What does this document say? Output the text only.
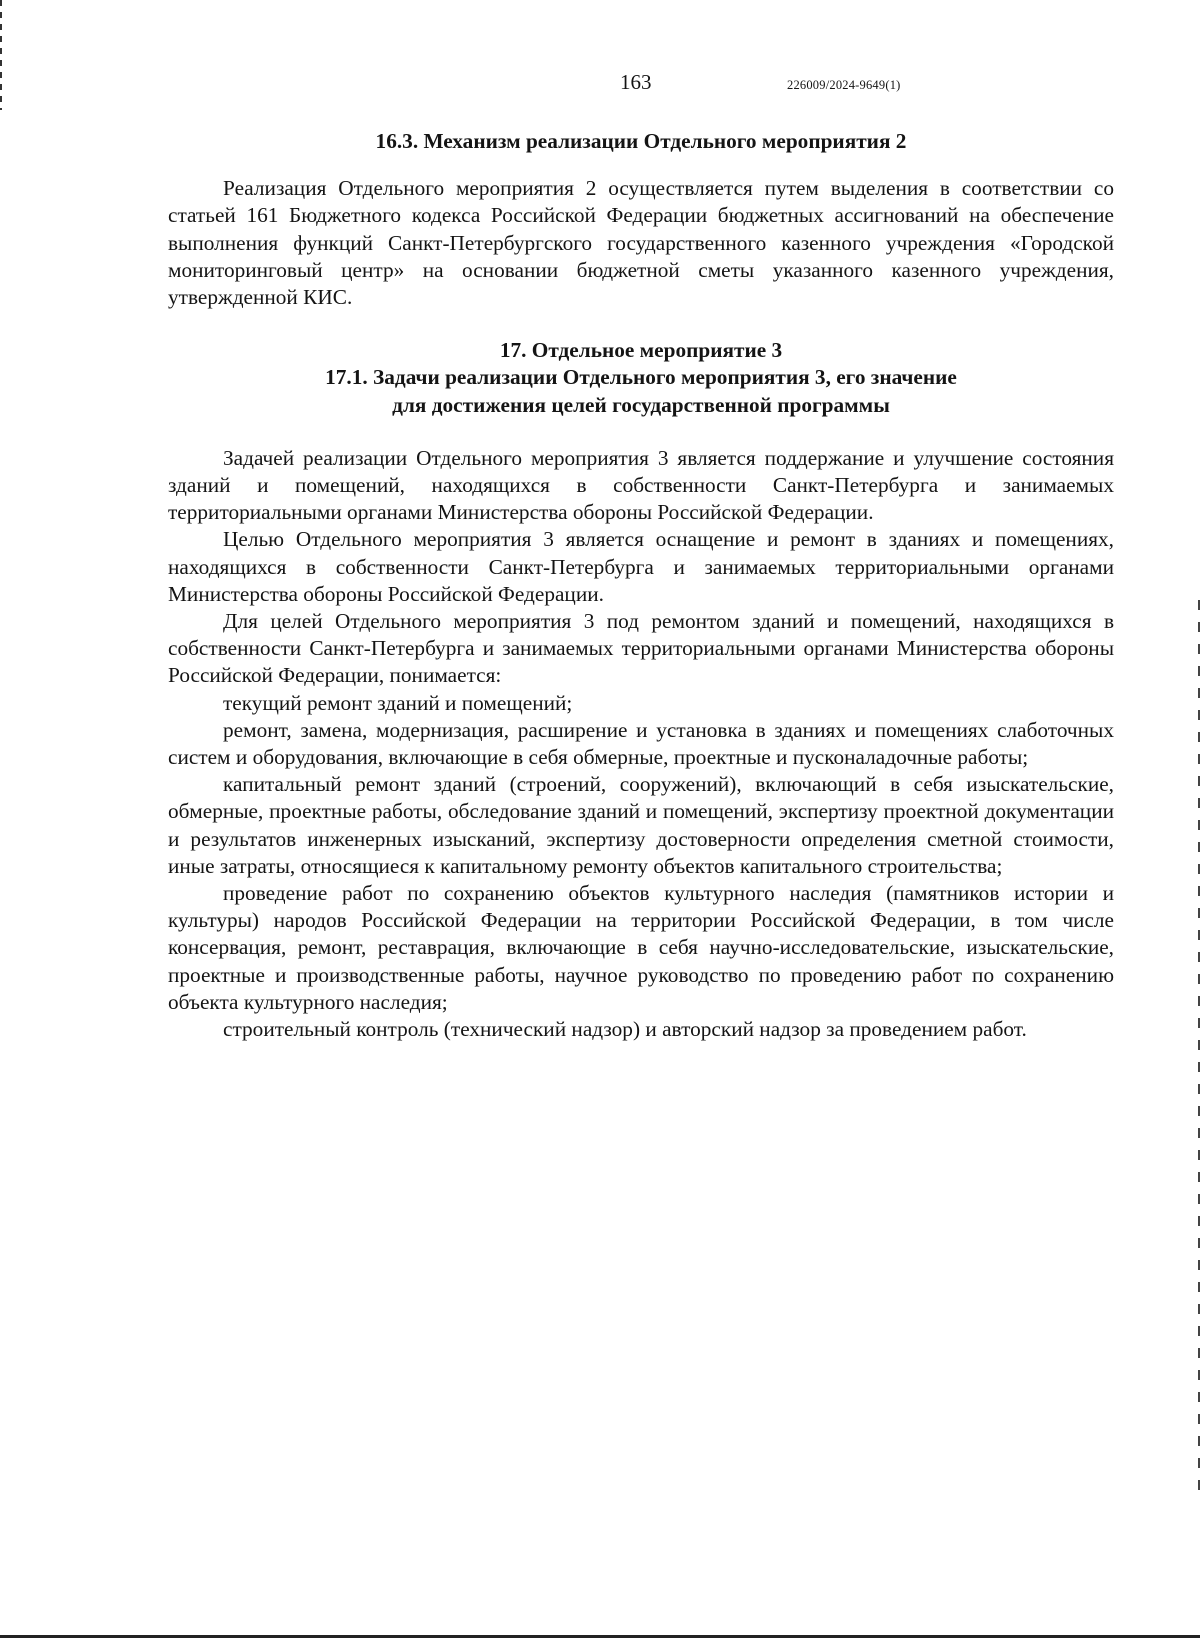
163	226009/2024-9649(1)

16.3. Механизм реализации Отдельного мероприятия 2

Реализация Отдельного мероприятия 2 осуществляется путем выделения в соответствии со статьей 161 Бюджетного кодекса Российской Федерации бюджетных ассигнований на обеспечение выполнения функций Санкт-Петербургского государственного казенного учреждения «Городской мониторинговый центр» на основании бюджетной сметы указанного казенного учреждения, утвержденной КИС.

17. Отдельное мероприятие 3

17.1. Задачи реализации Отдельного мероприятия 3, его значение

для достижения целей государственной программы

Задачей реализации Отдельного мероприятия 3 является поддержание и улучшение состояния зданий и помещений, находящихся в собственности Санкт-Петербурга и занимаемых территориальными органами Министерства обороны Российской Федерации.

Целью Отдельного мероприятия 3 является оснащение и ремонт в зданиях и помещениях, находящихся в собственности Санкт-Петербурга и занимаемых территориальными органами Министерства обороны Российской Федерации.

Для целей Отдельного мероприятия 3 под ремонтом зданий и помещений, находящихся в собственности Санкт-Петербурга и занимаемых территориальными органами Министерства обороны Российской Федерации, понимается:

текущий ремонт зданий и помещений;

ремонт, замена, модернизация, расширение и установка в зданиях и помещениях слаботочных систем и оборудования, включающие в себя обмерные, проектные и пусконаладочные работы;

капитальный ремонт зданий (строений, сооружений), включающий в себя изыскательские, обмерные, проектные работы, обследование зданий и помещений, экспертизу проектной документации и результатов инженерных изысканий, экспертизу достоверности определения сметной стоимости, иные затраты, относящиеся к капитальному ремонту объектов капитального строительства;

проведение работ по сохранению объектов культурного наследия (памятников истории и культуры) народов Российской Федерации на территории Российской Федерации, в том числе консервация, ремонт, реставрация, включающие в себя научно-исследовательские, изыскательские, проектные и производственные работы, научное руководство по проведению работ по сохранению объекта культурного наследия;

строительный контроль (технический надзор) и авторский надзор за проведением работ.
